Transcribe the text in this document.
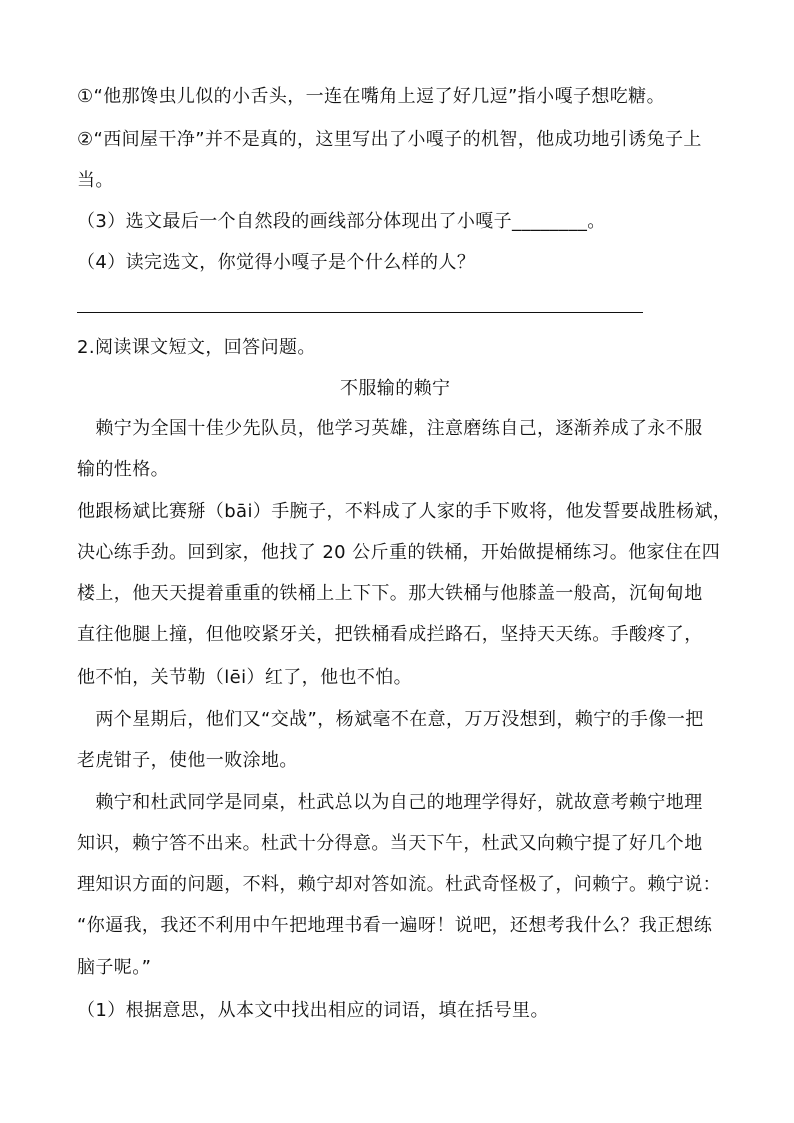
①“他那馋虫儿似的小舌头，一连在嘴角上逗了好几逗”指小嘎子想吃糖。
②“西间屋干净”并不是真的，这里写出了小嘎子的机智，他成功地引诱兔子上
当。
（3）选文最后一个自然段的画线部分体现出了小嘎子________。
（4）读完选文，你觉得小嘎子是个什么样的人？
2.阅读课文短文，回答问题。
不服输的赖宁
　赖宁为全国十佳少先队员，他学习英雄，注意磨练自己，逐渐养成了永不服
输的性格。
他跟杨斌比赛掰（bāi）手腕子，不料成了人家的手下败将，他发誓要战胜杨斌，
决心练手劲。回到家，他找了 20 公斤重的铁桶，开始做提桶练习。他家住在四
楼上，他天天提着重重的铁桶上上下下。那大铁桶与他膝盖一般高，沉甸甸地
直往他腿上撞，但他咬紧牙关，把铁桶看成拦路石，坚持天天练。手酸疼了，
他不怕，关节勒（lēi）红了，他也不怕。
　两个星期后，他们又“交战”，杨斌毫不在意，万万没想到，赖宁的手像一把
老虎钳子，使他一败涂地。
　赖宁和杜武同学是同桌，杜武总以为自己的地理学得好，就故意考赖宁地理
知识，赖宁答不出来。杜武十分得意。当天下午，杜武又向赖宁提了好几个地
理知识方面的问题，不料，赖宁却对答如流。杜武奇怪极了，问赖宁。赖宁说：
“你逼我，我还不利用中午把地理书看一遍呀！说吧，还想考我什么？我正想练
脑子呢。”
（1）根据意思，从本文中找出相应的词语，填在括号里。
